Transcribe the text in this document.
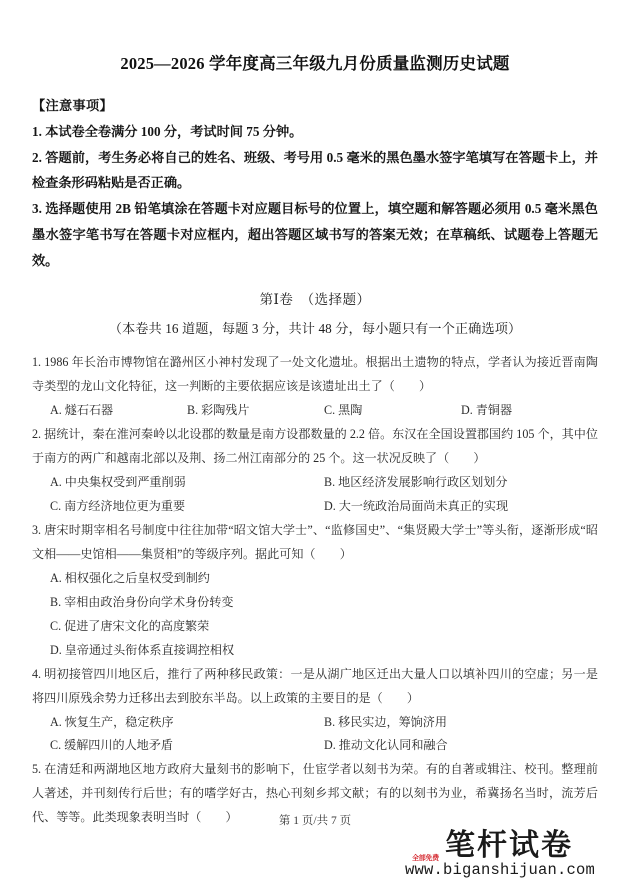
2025—2026 学年度高三年级九月份质量监测历史试题

【注意事项】

1. 本试卷全卷满分 100 分，考试时间 75 分钟。

2. 答题前，考生务必将自己的姓名、班级、考号用 0.5 毫米的黑色墨水签字笔填写在答题卡上，并检查条形码粘贴是否正确。

3. 选择题使用 2B 铅笔填涂在答题卡对应题目标号的位置上，填空题和解答题必须用 0.5 毫米黑色墨水签字笔书写在答题卡对应框内，超出答题区域书写的答案无效；在草稿纸、试题卷上答题无效。

第Ⅰ卷　（选择题）
（本卷共 16 道题，每题 3 分，共计 48 分，每小题只有一个正确选项）

1. 1986 年长治市博物馆在潞州区小神村发现了一处文化遗址。根据出土遗物的特点，学者认为接近晋南陶寺类型的龙山文化特征，这一判断的主要依据应该是该遗址出土了（　　）

A. 燧石石器	B. 彩陶残片	C. 黑陶	D. 青铜器

2. 据统计，秦在淮河秦岭以北设郡的数量是南方设郡数量的 2.2 倍。东汉在全国设置郡国约 105 个，其中位于南方的两广和越南北部以及荆、扬二州江南部分的 25 个。这一状况反映了（　　）

A. 中央集权受到严重削弱	B. 地区经济发展影响行政区划划分
C. 南方经济地位更为重要	D. 大一统政治局面尚未真正的实现

3. 唐宋时期宰相名号制度中往往加带“昭文馆大学士”、“监修国史”、“集贤殿大学士”等头衔，逐渐形成“昭文相——史馆相——集贤相”的等级序列。据此可知（　　）

A. 相权强化之后皇权受到制约
B. 宰相由政治身份向学术身份转变
C. 促进了唐宋文化的高度繁荣
D. 皇帝通过头衔体系直接调控相权

4. 明初接管四川地区后，推行了两种移民政策：一是从湖广地区迁出大量人口以填补四川的空虚；另一是将四川原残余势力迁移出去到胶东半岛。以上政策的主要目的是（　　）

A. 恢复生产，稳定秩序	B. 移民实边，筹饷济用
C. 缓解四川的人地矛盾	D. 推动文化认同和融合

5. 在清廷和两湖地区地方政府大量刻书的影响下，仕宦学者以刻书为荣。有的自著或辑注、校刊。整理前人著述，并刊刻传行后世；有的嗜学好古，热心刊刻乡邦文献；有的以刻书为业，希冀扬名当时，流芳后代、等等。此类现象表明当时（　　）	第 1 页/共 7 页

笔杆试卷

www.biganshijuan.com

全部免费
